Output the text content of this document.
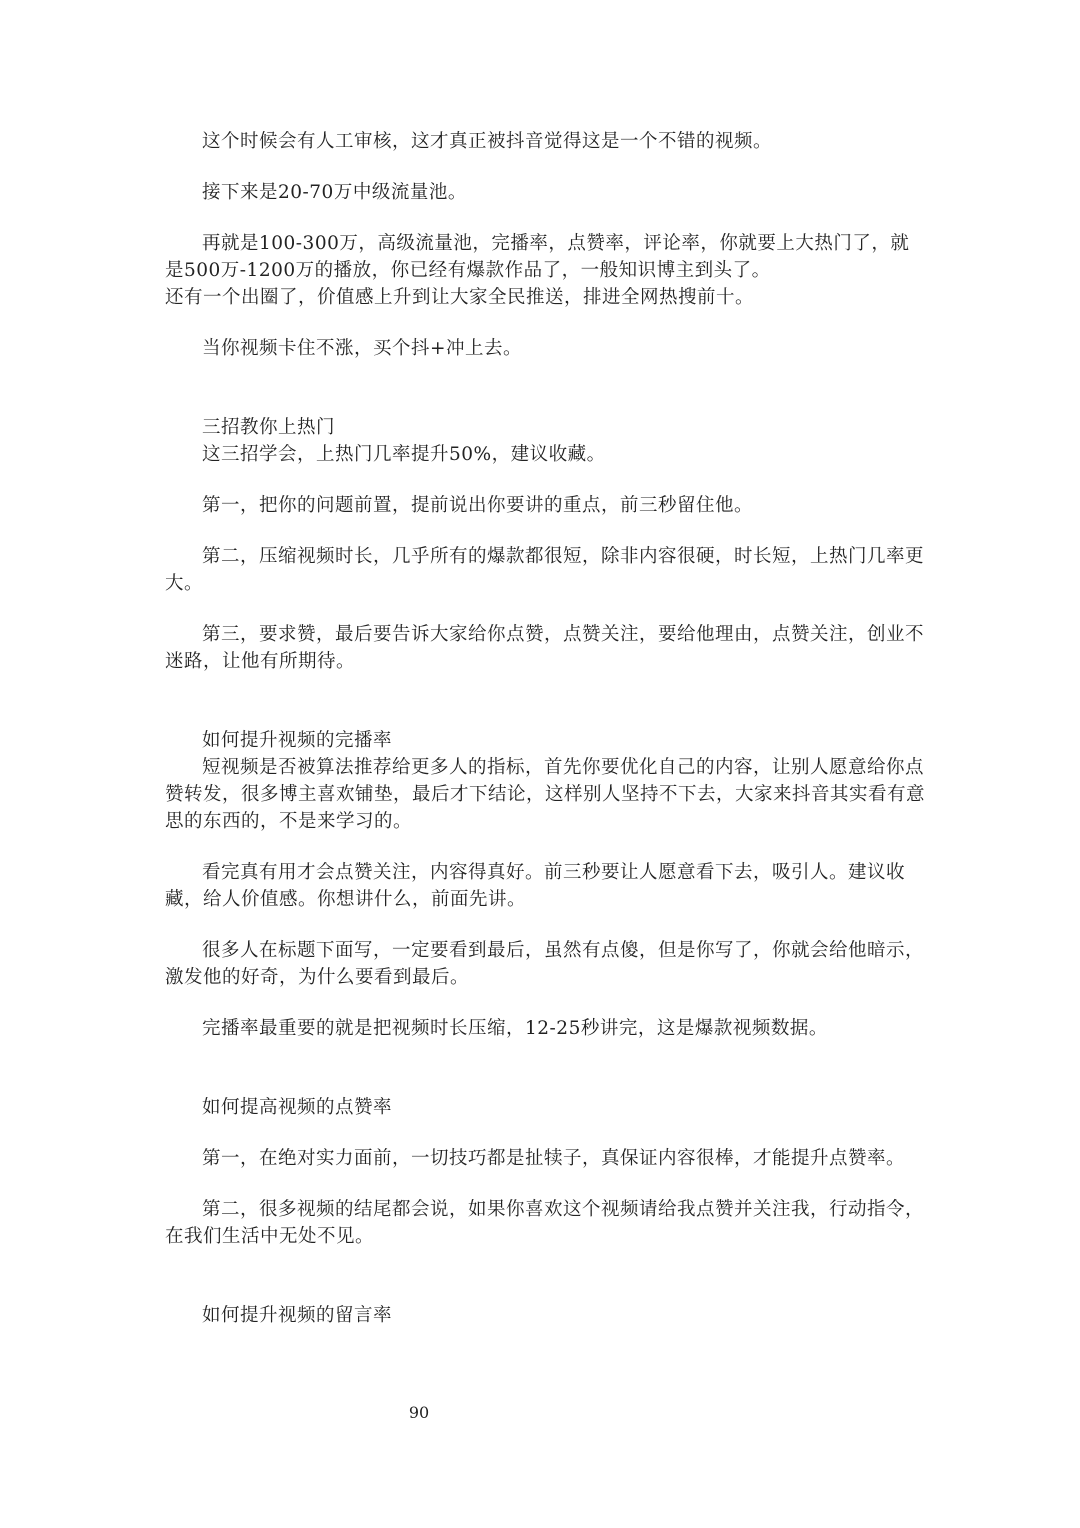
这个时候会有人工审核，这才真正被抖音觉得这是一个不错的视频。

接下来是20-70万中级流量池。

再就是100-300万，高级流量池，完播率，点赞率，评论率，你就要上大热门了，就是500万-1200万的播放，你已经有爆款作品了，一般知识博主到头了。

还有一个出圈了，价值感上升到让大家全民推送，排进全网热搜前十。

当你视频卡住不涨，买个抖+冲上去。

三招教你上热门

这三招学会，上热门几率提升50%，建议收藏。

第一，把你的问题前置，提前说出你要讲的重点，前三秒留住他。

第二，压缩视频时长，几乎所有的爆款都很短，除非内容很硬，时长短，上热门几率更大。

第三，要求赞，最后要告诉大家给你点赞，点赞关注，要给他理由，点赞关注，创业不迷路，让他有所期待。

如何提升视频的完播率

短视频是否被算法推荐给更多人的指标，首先你要优化自己的内容，让别人愿意给你点赞转发，很多博主喜欢铺垫，最后才下结论，这样别人坚持不下去，大家来抖音其实看有意思的东西的，不是来学习的。

看完真有用才会点赞关注，内容得真好。前三秒要让人愿意看下去，吸引人。建议收藏，给人价值感。你想讲什么，前面先讲。

很多人在标题下面写，一定要看到最后，虽然有点傻，但是你写了，你就会给他暗示，激发他的好奇，为什么要看到最后。

完播率最重要的就是把视频时长压缩，12-25秒讲完，这是爆款视频数据。

如何提高视频的点赞率

第一，在绝对实力面前，一切技巧都是扯犊子，真保证内容很棒，才能提升点赞率。

第二，很多视频的结尾都会说，如果你喜欢这个视频请给我点赞并关注我，行动指令，在我们生活中无处不见。

如何提升视频的留言率

90
